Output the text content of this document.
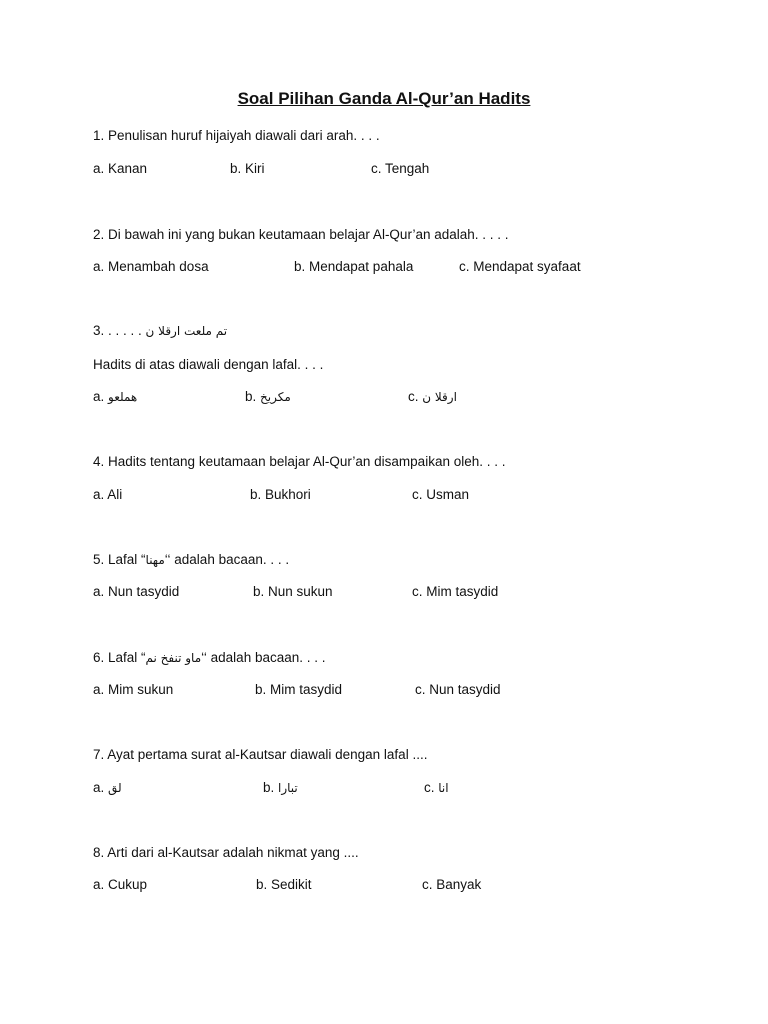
Soal Pilihan Ganda Al-Qur’an Hadits
1. Penulisan huruf hijaiyah diawali dari arah. . . .
a. Kanan	b. Kiri	c. Tengah
2. Di bawah ini yang bukan keutamaan belajar Al-Qur’an adalah. . . . .
a. Menambah dosa	b. Mendapat pahala	c. Mendapat syafaat
3. . . . . . تم ملعت ارقلا ن
Hadits di atas diawali dengan lafal. . . .
a. هملعو	b. مكريخ	c. ارقلا ن
4. Hadits tentang keutamaan belajar Al-Qur’an disampaikan oleh. . . .
a. Ali	b. Bukhori	c. Usman
5. Lafal “مهنا‘‘ adalah bacaan. . . .
a. Nun tasydid	b. Nun sukun	c. Mim tasydid
6. Lafal “ماو تنفخ نم‘‘ adalah bacaan. . . .
a. Mim sukun	b. Mim tasydid	c. Nun tasydid
7. Ayat pertama surat al-Kautsar diawali dengan lafal ....
a. لق	b. تبارا	c. انا
8. Arti dari al-Kautsar adalah nikmat yang ....
a. Cukup	b. Sedikit	c. Banyak
